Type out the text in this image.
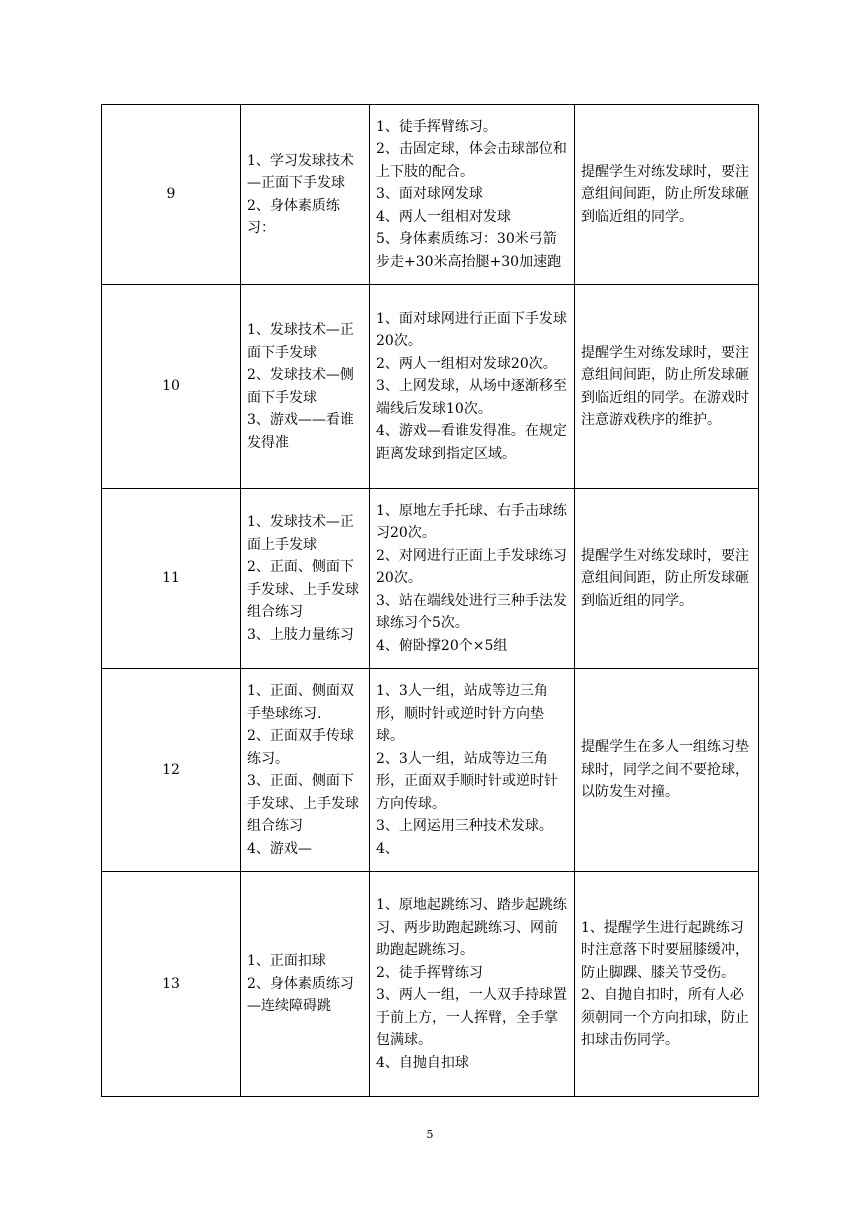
9	1、学习发球技术—正面下手发球
2、身体素质练习：	1、徒手挥臂练习。
2、击固定球，体会击球部位和上下肢的配合。
3、面对球网发球
4、两人一组相对发球
5、身体素质练习：30米弓箭步走+30米高抬腿+30加速跑	提醒学生对练发球时，要注意组间间距，防止所发球砸到临近组的同学。
10	1、发球技术—正面下手发球
2、发球技术—侧面下手发球
3、游戏——看谁发得准	1、面对球网进行正面下手发球20次。
2、两人一组相对发球20次。
3、上网发球，从场中逐渐移至端线后发球10次。
4、游戏—看谁发得准。在规定距离发球到指定区域。	提醒学生对练发球时，要注意组间间距，防止所发球砸到临近组的同学。在游戏时注意游戏秩序的维护。
11	1、发球技术—正面上手发球
2、正面、侧面下手发球、上手发球组合练习
3、上肢力量练习	1、原地左手托球、右手击球练习20次。
2、对网进行正面上手发球练习20次。
3、站在端线处进行三种手法发球练习个5次。
4、俯卧撑20个×5组	提醒学生对练发球时，要注意组间间距，防止所发球砸到临近组的同学。
12	1、正面、侧面双手垫球练习.
2、正面双手传球练习。
3、正面、侧面下手发球、上手发球组合练习
4、游戏—	1、3人一组，站成等边三角形，顺时针或逆时针方向垫球。
2、3人一组，站成等边三角形，正面双手顺时针或逆时针方向传球。
3、上网运用三种技术发球。
4、	提醒学生在多人一组练习垫球时，同学之间不要抢球，以防发生对撞。
13	1、正面扣球
2、身体素质练习—连续障碍跳	1、原地起跳练习、踏步起跳练习、两步助跑起跳练习、网前助跑起跳练习。
2、徒手挥臂练习
3、两人一组，一人双手持球置于前上方，一人挥臂，全手掌包满球。
4、自抛自扣球	1、提醒学生进行起跳练习时注意落下时要屈膝缓冲，防止脚踝、膝关节受伤。
2、自抛自扣时，所有人必须朝同一个方向扣球，防止扣球击伤同学。
5
